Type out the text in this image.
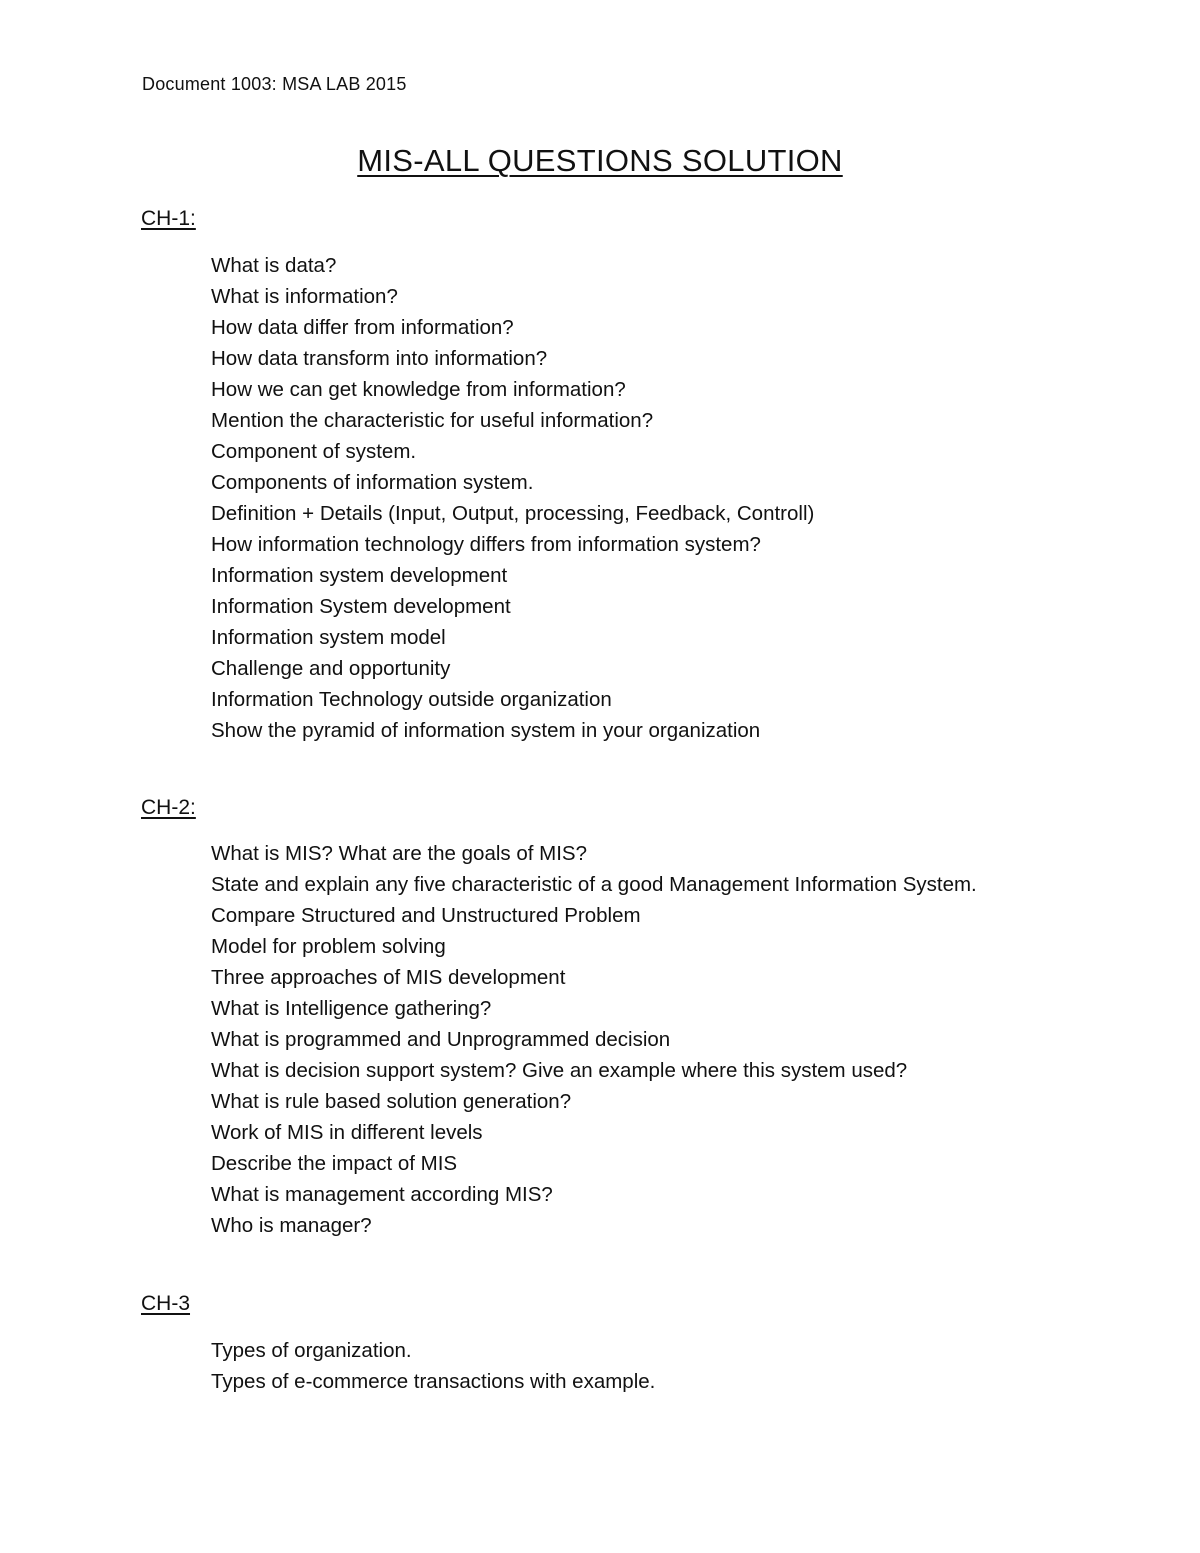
Document 1003: MSA LAB 2015
MIS-ALL QUESTIONS SOLUTION
CH-1:
What is data?
What is information?
How data differ from information?
How data transform into information?
How we can get knowledge from information?
Mention the characteristic for useful information?
Component of system.
Components of information system.
Definition + Details (Input, Output, processing, Feedback, Controll)
How information technology differs from information system?
Information system development
Information System development
Information system model
Challenge and opportunity
Information Technology outside organization
Show the pyramid of information system in your organization
CH-2:
What is MIS? What are the goals of MIS?
State and explain any five characteristic of a good Management Information System.
Compare Structured and Unstructured Problem
Model for problem solving
Three approaches of MIS development
What is Intelligence gathering?
What is programmed and Unprogrammed decision
What is decision support system? Give an example where this system used?
What is rule based solution generation?
Work of MIS in different levels
Describe the impact of MIS
What is management according MIS?
Who is manager?
CH-3
Types of organization.
Types of e-commerce transactions with example.
